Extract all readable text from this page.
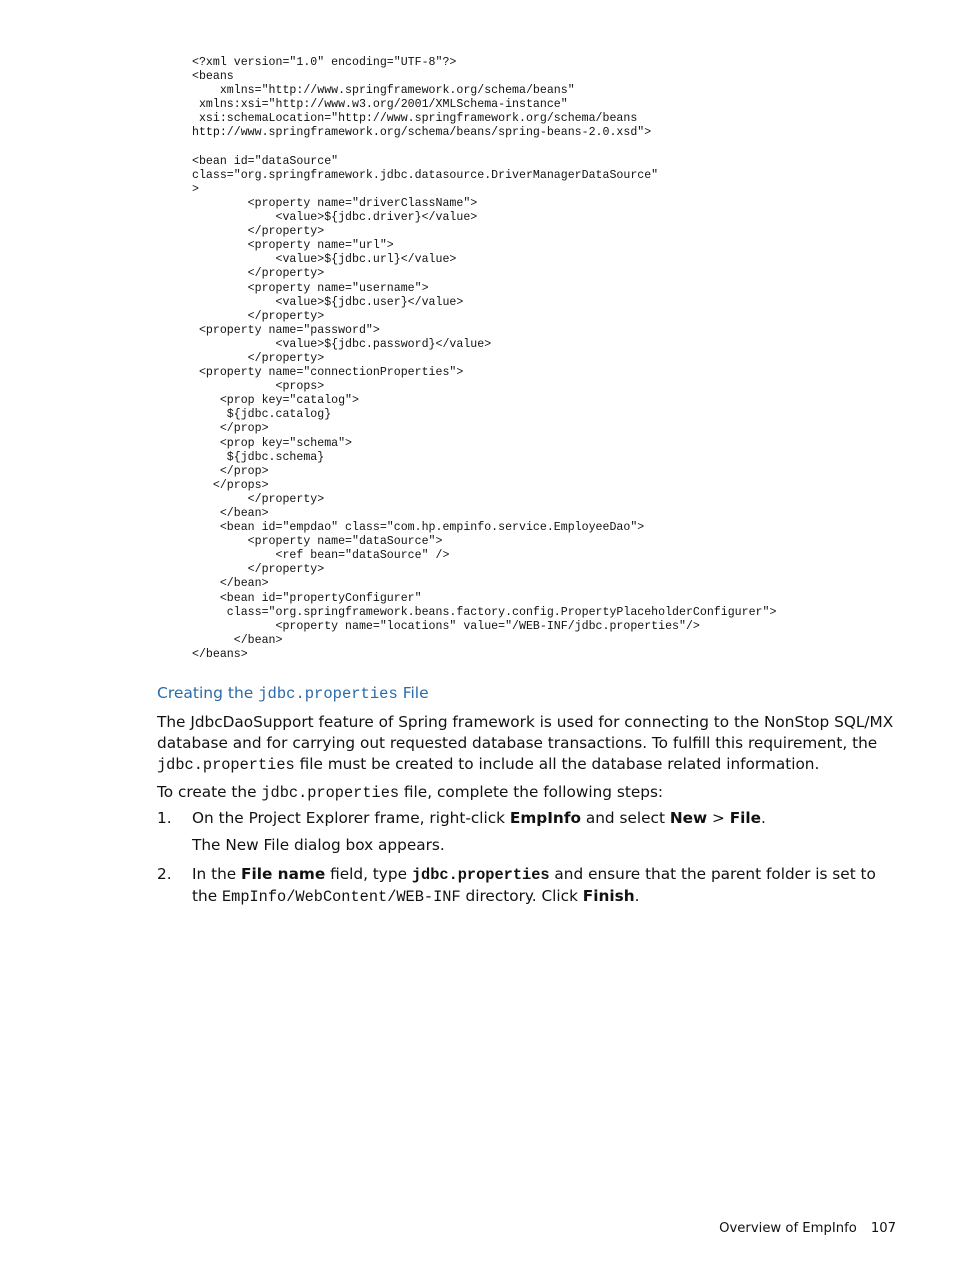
<?xml version="1.0" encoding="UTF-8"?>
<beans
xmlns="http://www.springframework.org/schema/beans"
xmlns:xsi="http://www.w3.org/2001/XMLSchema-instance"
xsi:schemaLocation="http://www.springframework.org/schema/beans
http://www.springframework.org/schema/beans/spring-beans-2.0.xsd">

<bean id="dataSource"
class="org.springframework.jdbc.datasource.DriverManagerDataSource"
>
<property name="driverClassName">
<value>${jdbc.driver}</value>
</property>
<property name="url">
<value>${jdbc.url}</value>
</property>
<property name="username">
<value>${jdbc.user}</value>
</property>
<property name="password">
<value>${jdbc.password}</value>
</property>
<property name="connectionProperties">
<props>
<prop key="catalog">
${jdbc.catalog}
</prop>
<prop key="schema">
${jdbc.schema}
</prop>
</props>
</property>
</bean>
<bean id="empdao" class="com.hp.empinfo.service.EmployeeDao">
<property name="dataSource">
<ref bean="dataSource" />
</property>
</bean>
<bean id="propertyConfigurer"
class="org.springframework.beans.factory.config.PropertyPlaceholderConfigurer">
<property name="locations" value="/WEB-INF/jdbc.properties"/>
</bean>
</beans>
Creating the jdbc.properties File
The JdbcDaoSupport feature of Spring framework is used for connecting to the NonStop SQL/MX database and for carrying out requested database transactions. To fulfill this requirement, the jdbc.properties file must be created to include all the database related information.
To create the jdbc.properties file, complete the following steps:
1. On the Project Explorer frame, right-click EmpInfo and select New > File.
The New File dialog box appears.
2. In the File name field, type jdbc.properties and ensure that the parent folder is set to the EmpInfo/WebContent/WEB-INF directory. Click Finish.
Overview of EmpInfo 107
